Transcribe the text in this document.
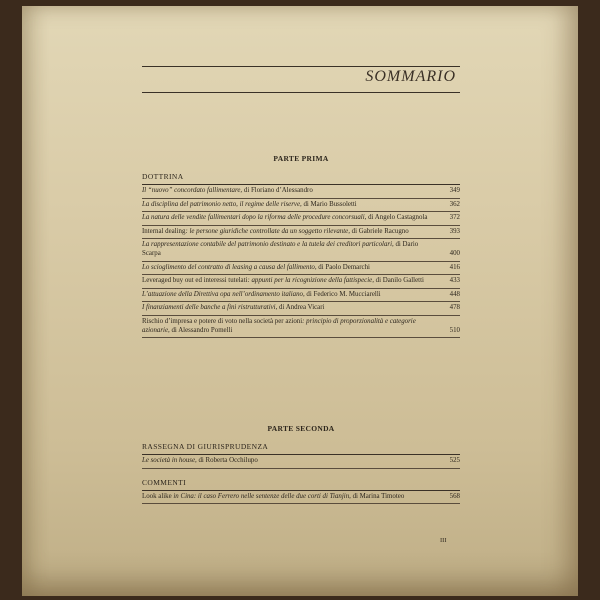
SOMMARIO
PARTE PRIMA
DOTTRINA
Il “nuovo” concordato fallimentare, di Floriano d’Alessandro	349
La disciplina del patrimonio netto, il regime delle riserve, di Mario Bussoletti	362
La natura delle vendite fallimentari dopo la riforma delle procedure concorsuali, di Angelo Castagnola	372
Internal dealing: le persone giuridiche controllate da un soggetto rilevante, di Gabriele Racugno	393
La rappresentazione contabile del patrimonio destinato e la tutela dei creditori particolari, di Dario Scarpa	400
Lo scioglimento del contratto di leasing a causa del fallimento, di Paolo Demarchi	416
Leveraged buy out ed interessi tutelati: appunti per la ricognizione della fattispecie, di Danilo Galletti	433
L’attuazione della Direttiva opa nell’ordinamento italiano, di Federico M. Mucciarelli	448
I finanziamenti delle banche a fini ristrutturativi, di Andrea Vicari	478
Rischio d’impresa e potere di voto nella società per azioni: principio di proporzionalità e categorie azionarie, di Alessandro Pomelli	510
PARTE SECONDA
RASSEGNA DI GIURISPRUDENZA
Le società in house, di Roberta Occhilupo	525
COMMENTI
Look alike in Cina: il caso Ferrero nelle sentenze delle due corti di Tianjin, di Marina Timoteo	568
III
